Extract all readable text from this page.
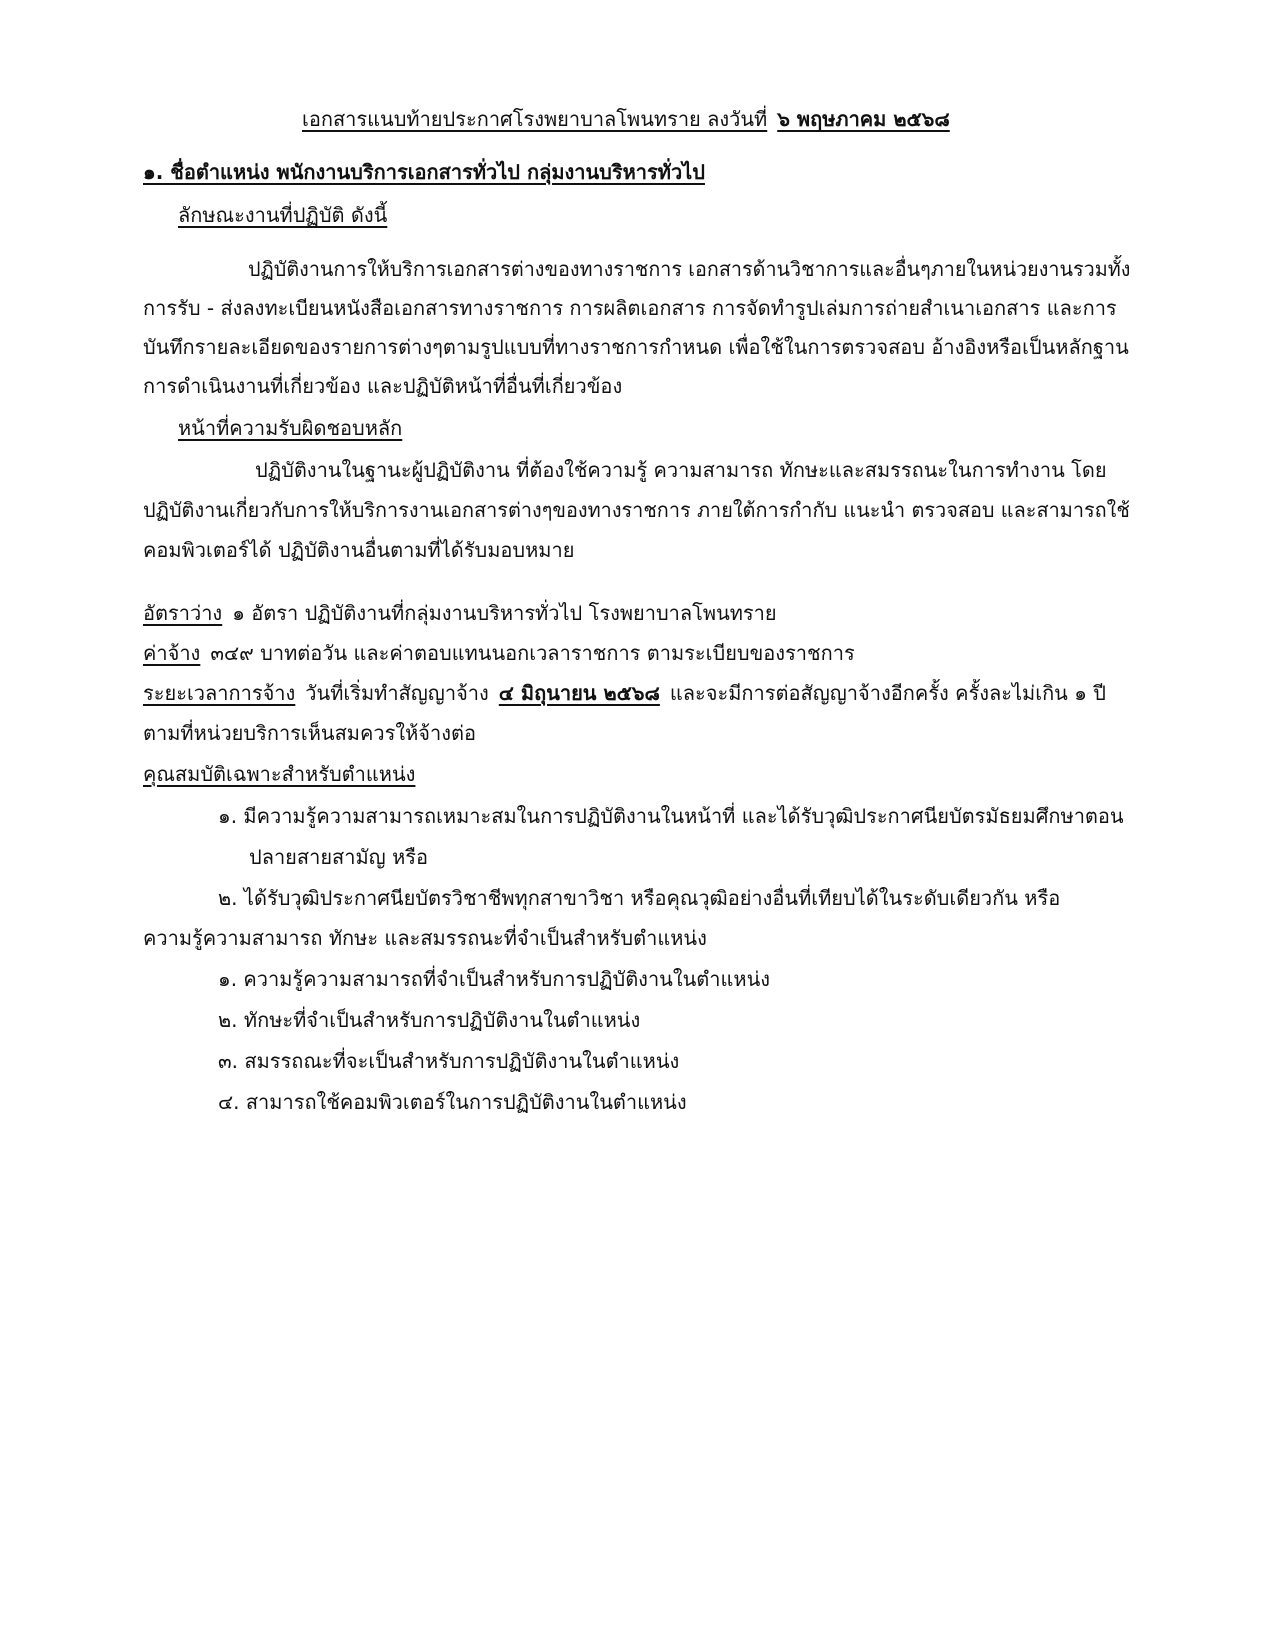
เอกสารแนบท้ายประกาศโรงพยาบาลโพนทราย ลงวันที่ ๖ พฤษภาคม ๒๕๖๘
๑. ชื่อตำแหน่ง พนักงานบริการเอกสารทั่วไป กลุ่มงานบริหารทั่วไป
ลักษณะงานที่ปฏิบัติ ดังนี้
ปฏิบัติงานการให้บริการเอกสารต่างของทางราชการ เอกสารด้านวิชาการและอื่นๆภายในหน่วยงานรวมทั้ง
การรับ - ส่งลงทะเบียนหนังสือเอกสารทางราชการ การผลิตเอกสาร การจัดทำรูปเล่มการถ่ายสำเนาเอกสาร และการ
บันทึกรายละเอียดของรายการต่างๆตามรูปแบบที่ทางราชการกำหนด เพื่อใช้ในการตรวจสอบ อ้างอิงหรือเป็นหลักฐาน
การดำเนินงานที่เกี่ยวข้อง และปฏิบัติหน้าที่อื่นที่เกี่ยวข้อง
หน้าที่ความรับผิดชอบหลัก
ปฏิบัติงานในฐานะผู้ปฏิบัติงาน ที่ต้องใช้ความรู้ ความสามารถ ทักษะและสมรรถนะในการทำงาน โดย
ปฏิบัติงานเกี่ยวกับการให้บริการงานเอกสารต่างๆของทางราชการ ภายใต้การกำกับ แนะนำ ตรวจสอบ และสามารถใช้
คอมพิวเตอร์ได้ ปฏิบัติงานอื่นตามที่ได้รับมอบหมาย
อัตราว่าง ๑ อัตรา ปฏิบัติงานที่กลุ่มงานบริหารทั่วไป โรงพยาบาลโพนทราย
ค่าจ้าง ๓๔๙ บาทต่อวัน และค่าตอบแทนนอกเวลาราชการ ตามระเบียบของราชการ
ระยะเวลาการจ้าง วันที่เริ่มทำสัญญาจ้าง ๔ มิถุนายน ๒๕๖๘ และจะมีการต่อสัญญาจ้างอีกครั้ง ครั้งละไม่เกิน ๑ ปี
ตามที่หน่วยบริการเห็นสมควรให้จ้างต่อ
คุณสมบัติเฉพาะสำหรับตำแหน่ง
๑. มีความรู้ความสามารถเหมาะสมในการปฏิบัติงานในหน้าที่ และได้รับวุฒิประกาศนียบัตรมัธยมศึกษาตอน
ปลายสายสามัญ หรือ
๒. ได้รับวุฒิประกาศนียบัตรวิชาชีพทุกสาขาวิชา หรือคุณวุฒิอย่างอื่นที่เทียบได้ในระดับเดียวกัน หรือ
ความรู้ความสามารถ ทักษะ และสมรรถนะที่จำเป็นสำหรับตำแหน่ง
๑. ความรู้ความสามารถที่จำเป็นสำหรับการปฏิบัติงานในตำแหน่ง
๒. ทักษะที่จำเป็นสำหรับการปฏิบัติงานในตำแหน่ง
๓. สมรรถณะที่จะเป็นสำหรับการปฏิบัติงานในตำแหน่ง
๔. สามารถใช้คอมพิวเตอร์ในการปฏิบัติงานในตำแหน่ง
